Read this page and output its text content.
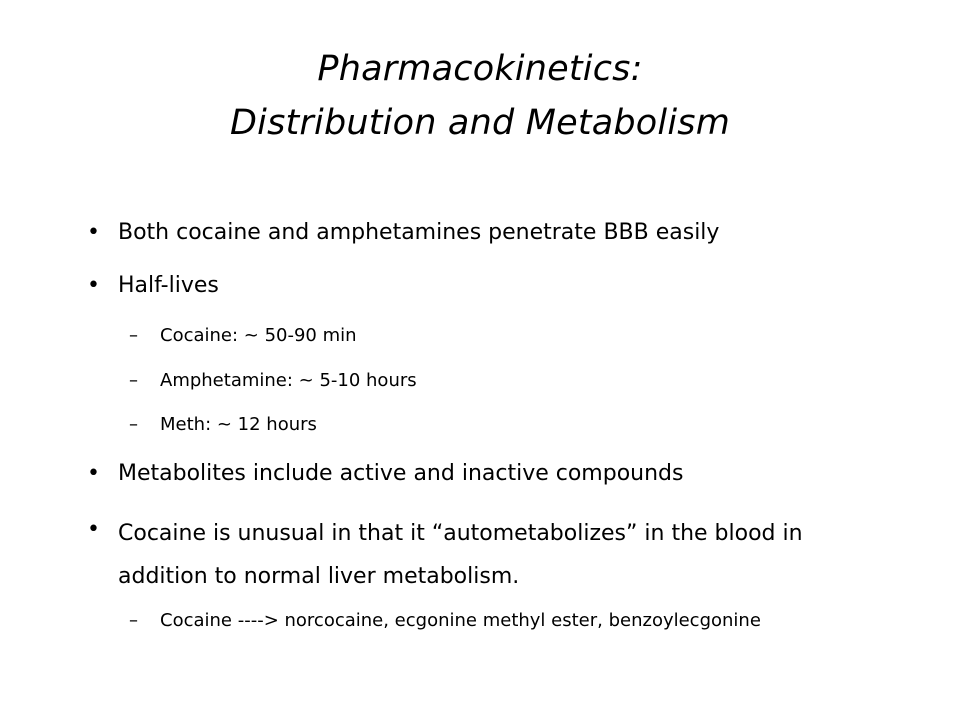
Pharmacokinetics:
Distribution and Metabolism
• Both cocaine and amphetamines penetrate BBB easily
• Half-lives
– Cocaine: ~ 50-90 min
– Amphetamine: ~ 5-10 hours
– Meth: ~ 12 hours
• Metabolites include active and inactive compounds
• Cocaine is unusual in that it “autometabolizes” in the blood in addition to normal liver metabolism.
– Cocaine ----> norcocaine, ecgonine methyl ester, benzoylecgonine
